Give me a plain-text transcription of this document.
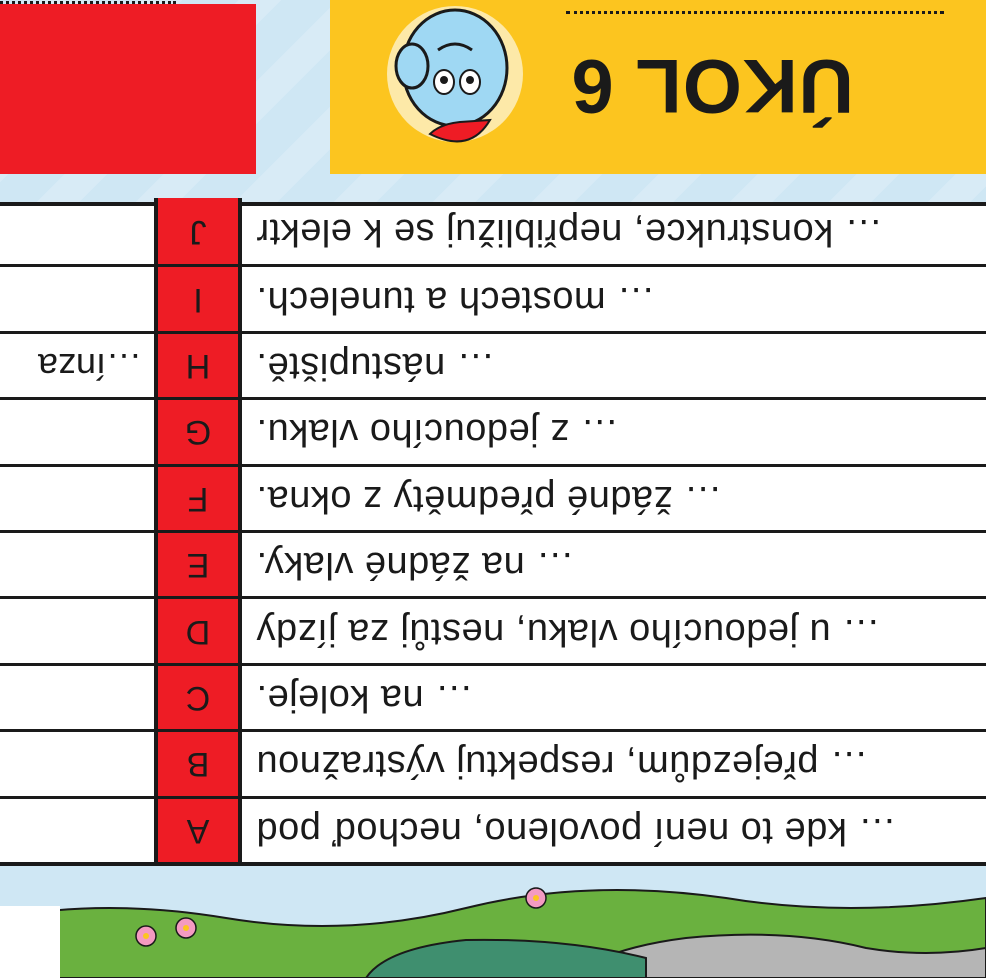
ÚKOL 6
A	… kde to není povoleno, nechoď pod
B	… přejezdům, respektuj výstražnou
C	… na koleje.
D	… u jedoucího vlaku, nestůj za jízdy
E	… na žádné vlaky.
F	… žádné předměty z okna.
G	… z jedoucího vlaku.
…ínza	H	… nástupiště.
I	… mostech a tunelech.
J	… konstrukce, nepřibližuj se k elektr
